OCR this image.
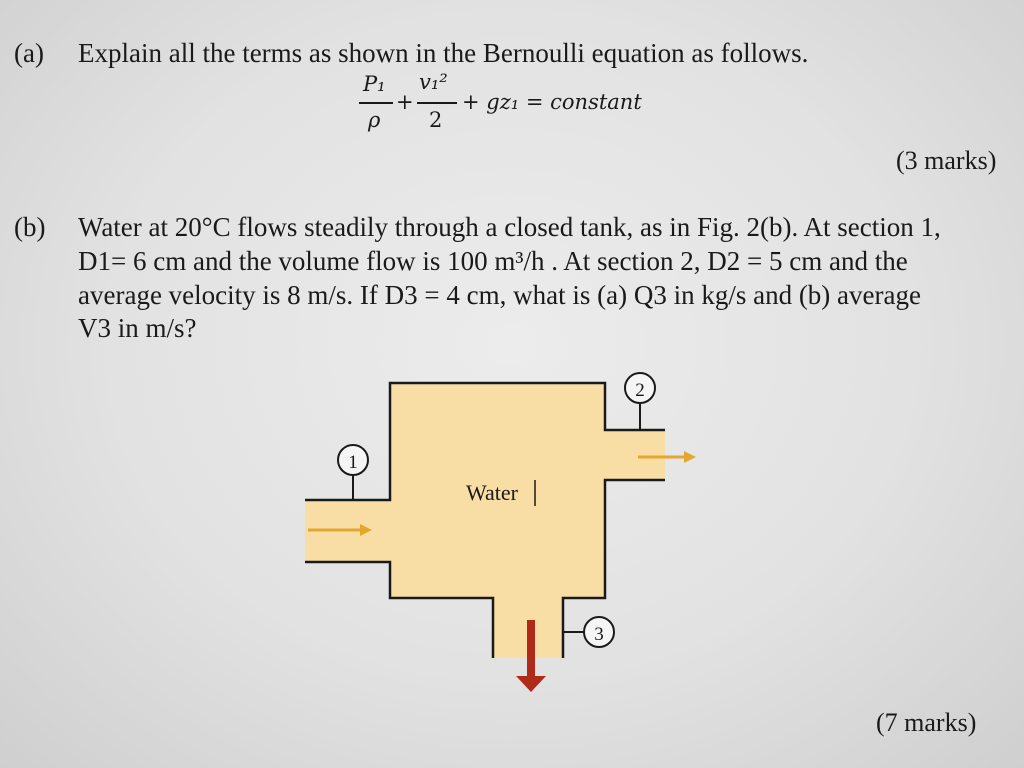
(a) Explain all the terms as shown in the Bernoulli equation as follows.
P₁
ρ
+
v₁²
2
+ gz₁ = constant
(3 marks)
(b) Water at 20°C flows steadily through a closed tank, as in Fig. 2(b). At section 1,
D1= 6 cm and the volume flow is 100 m³/h . At section 2, D2 = 5 cm and the
average velocity is 8 m/s. If D3 = 4 cm, what is (a) Q3 in kg/s and (b) average
V3 in m/s?
1
2
3
Water
(7 marks)
